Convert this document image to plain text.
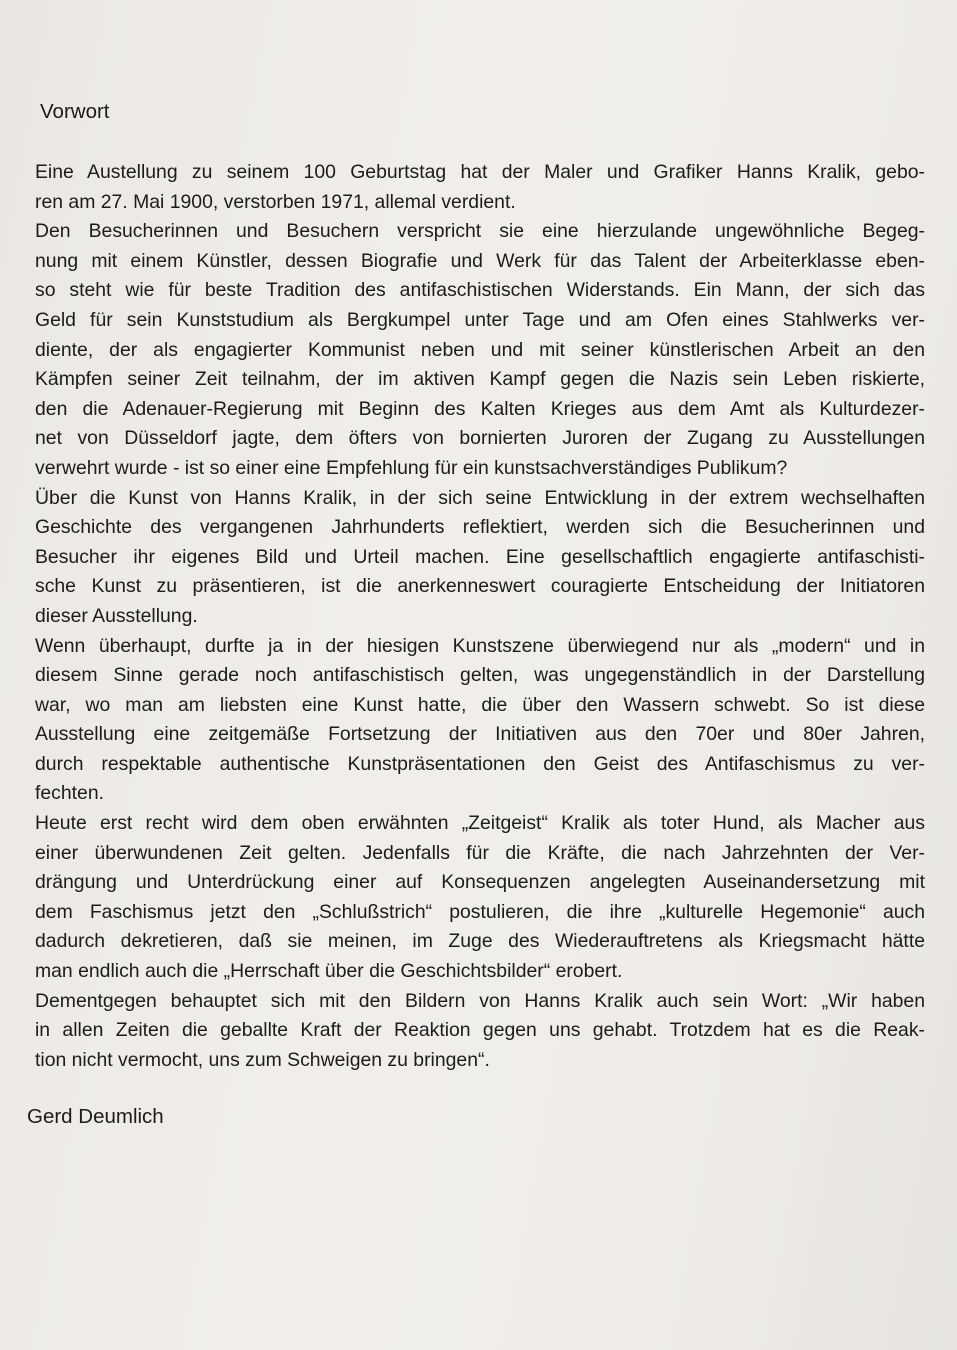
Vorwort
Eine Austellung zu seinem 100 Geburtstag hat der Maler und Grafiker Hanns Kralik, gebo-
ren am 27. Mai 1900, verstorben 1971, allemal verdient.
Den Besucherinnen und Besuchern verspricht sie eine hierzulande ungewöhnliche Begeg-
nung mit einem Künstler, dessen Biografie und Werk für das Talent der Arbeiterklasse eben-
so steht wie für beste Tradition des antifaschistischen Widerstands. Ein Mann, der sich das
Geld für sein Kunststudium als Bergkumpel unter Tage und am Ofen eines Stahlwerks ver-
diente, der als engagierter Kommunist neben und mit seiner künstlerischen Arbeit an den
Kämpfen seiner Zeit teilnahm, der im aktiven Kampf gegen die Nazis sein Leben riskierte,
den die Adenauer-Regierung mit Beginn des Kalten Krieges aus dem Amt als Kulturdezer-
net von Düsseldorf jagte, dem öfters von bornierten Juroren der Zugang zu Ausstellungen
verwehrt wurde - ist so einer eine Empfehlung für ein kunstsachverständiges Publikum?
Über die Kunst von Hanns Kralik, in der sich seine Entwicklung in der extrem wechselhaften
Geschichte des vergangenen Jahrhunderts reflektiert, werden sich die Besucherinnen und
Besucher ihr eigenes Bild und Urteil machen. Eine gesellschaftlich engagierte antifaschisti-
sche Kunst zu präsentieren, ist die anerkenneswert couragierte Entscheidung der Initiatoren
dieser Ausstellung.
Wenn überhaupt, durfte ja in der hiesigen Kunstszene überwiegend nur als „modern“ und in
diesem Sinne gerade noch antifaschistisch gelten, was ungegenständlich in der Darstellung
war, wo man am liebsten eine Kunst hatte, die über den Wassern schwebt. So ist diese
Ausstellung eine zeitgemäße Fortsetzung der Initiativen aus den 70er und 80er Jahren,
durch respektable authentische Kunstpräsentationen den Geist des Antifaschismus zu ver-
fechten.
Heute erst recht wird dem oben erwähnten „Zeitgeist“ Kralik als toter Hund, als Macher aus
einer überwundenen Zeit gelten. Jedenfalls für die Kräfte, die nach Jahrzehnten der Ver-
drängung und Unterdrückung einer auf Konsequenzen angelegten Auseinandersetzung mit
dem Faschismus jetzt den „Schlußstrich“ postulieren, die ihre „kulturelle Hegemonie“ auch
dadurch dekretieren, daß sie meinen, im Zuge des Wiederauftretens als Kriegsmacht hätte
man endlich auch die „Herrschaft über die Geschichtsbilder“ erobert.
Dementgegen behauptet sich mit den Bildern von Hanns Kralik auch sein Wort: „Wir haben
in allen Zeiten die geballte Kraft der Reaktion gegen uns gehabt. Trotzdem hat es die Reak-
tion nicht vermocht, uns zum Schweigen zu bringen“.

Gerd Deumlich
